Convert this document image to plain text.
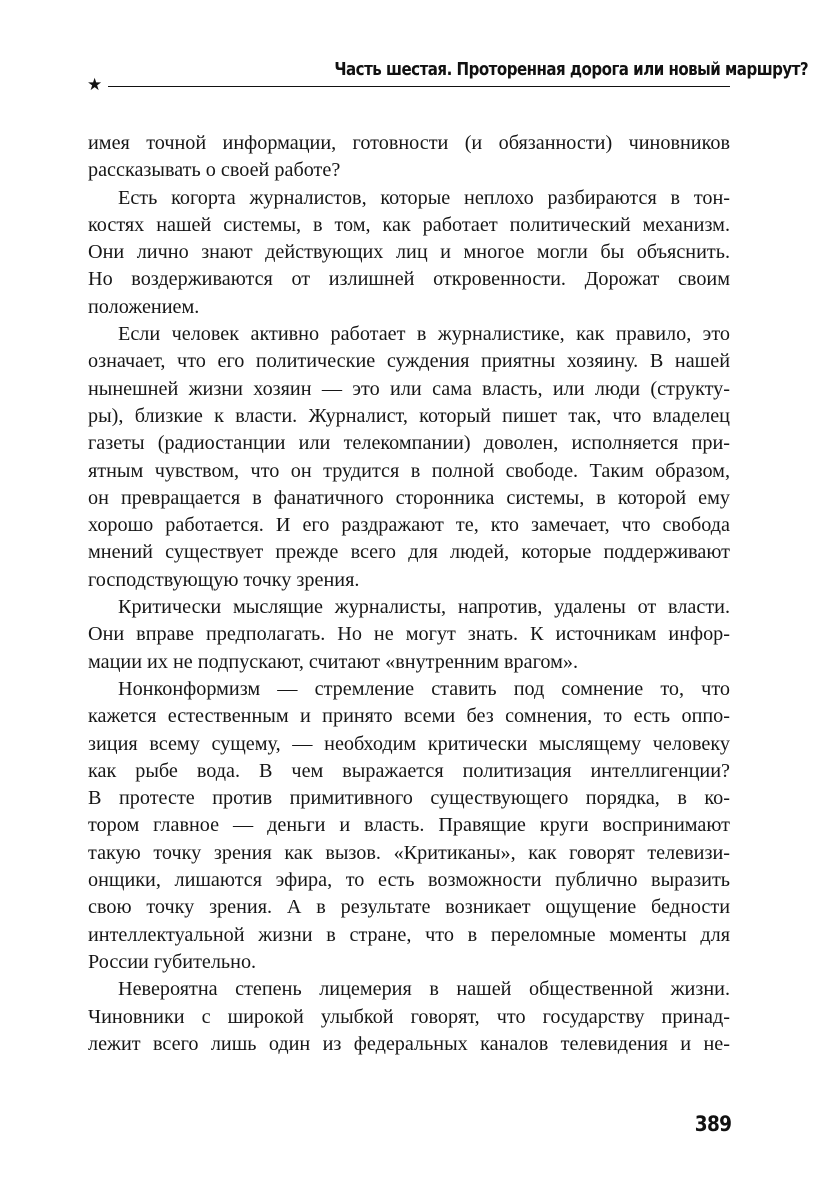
Часть шестая. Проторенная дорога или новый маршрут?
★
имея точной информации, готовности (и обязанности) чиновников
рассказывать о своей работе?
Есть когорта журналистов, которые неплохо разбираются в тон-
костях нашей системы, в том, как работает политический механизм.
Они лично знают действующих лиц и многое могли бы объяснить.
Но воздерживаются от излишней откровенности. Дорожат своим
положением.
Если человек активно работает в журналистике, как правило, это
означает, что его политические суждения приятны хозяину. В нашей
нынешней жизни хозяин — это или сама власть, или люди (структу-
ры), близкие к власти. Журналист, который пишет так, что владелец
газеты (радиостанции или телекомпании) доволен, исполняется при-
ятным чувством, что он трудится в полной свободе. Таким образом,
он превращается в фанатичного сторонника системы, в которой ему
хорошо работается. И его раздражают те, кто замечает, что свобода
мнений существует прежде всего для людей, которые поддерживают
господствующую точку зрения.
Критически мыслящие журналисты, напротив, удалены от власти.
Они вправе предполагать. Но не могут знать. К источникам инфор-
мации их не подпускают, считают «внутренним врагом».
Нонконформизм — стремление ставить под сомнение то, что
кажется естественным и принято всеми без сомнения, то есть оппо-
зиция всему сущему, — необходим критически мыслящему человеку
как рыбе вода. В чем выражается политизация интеллигенции?
В протесте против примитивного существующего порядка, в ко-
тором главное — деньги и власть. Правящие круги воспринимают
такую точку зрения как вызов. «Критиканы», как говорят телевизи-
онщики, лишаются эфира, то есть возможности публично выразить
свою точку зрения. А в результате возникает ощущение бедности
интеллектуальной жизни в стране, что в переломные моменты для
России губительно.
Невероятна степень лицемерия в нашей общественной жизни.
Чиновники с широкой улыбкой говорят, что государству принад-
лежит всего лишь один из федеральных каналов телевидения и не-
389
